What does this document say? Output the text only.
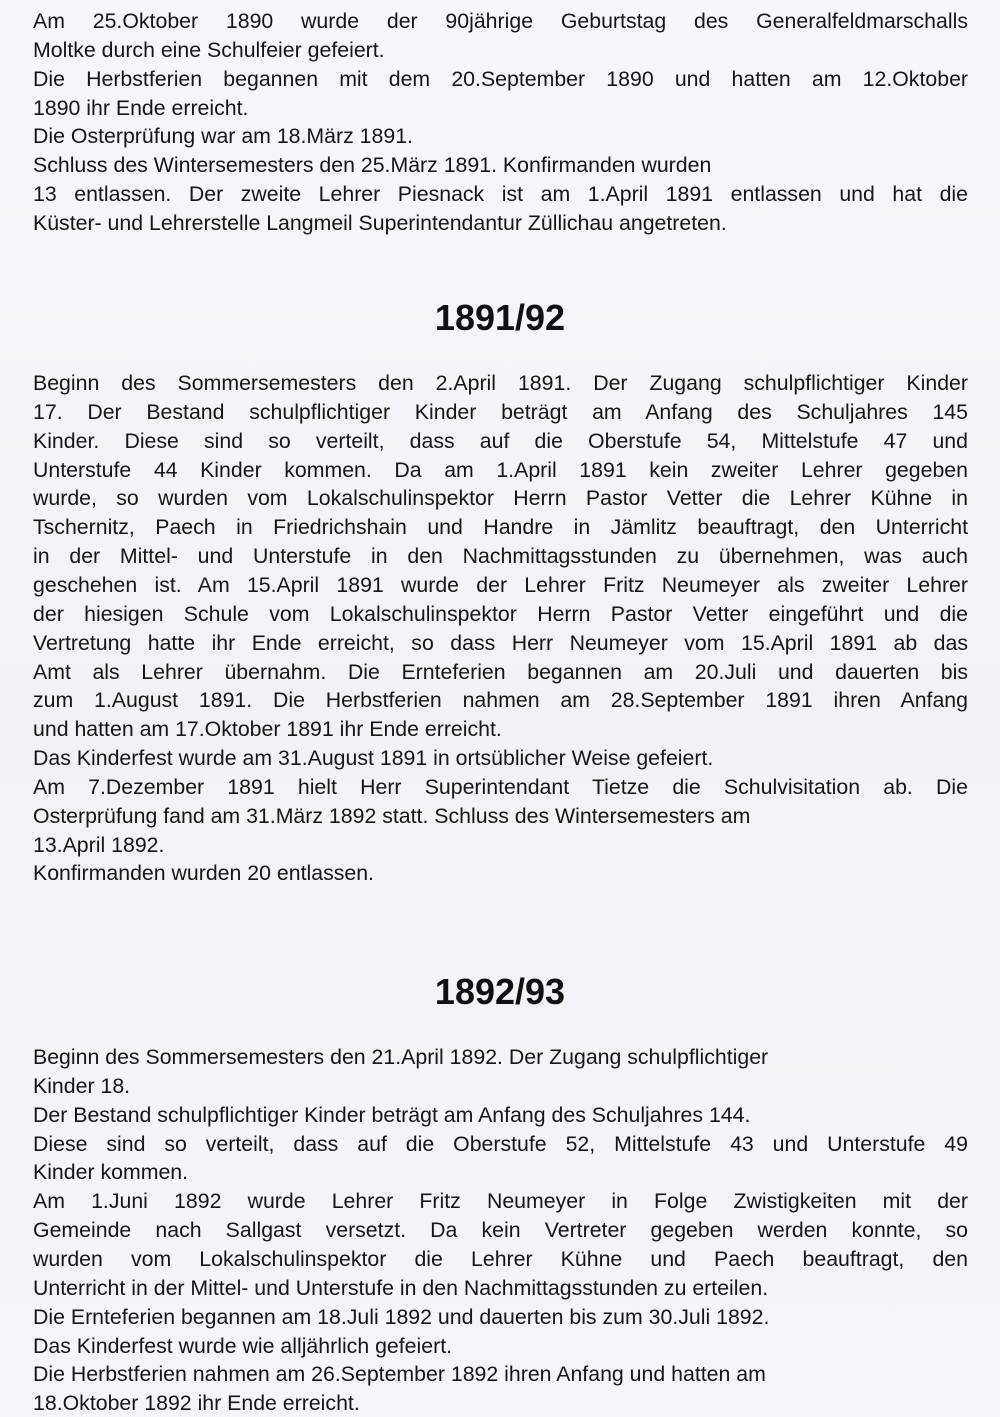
Am 25.Oktober 1890 wurde der 90jährige Geburtstag des Generalfeldmarschalls

Moltke durch eine Schulfeier gefeiert.

Die Herbstferien begannen mit dem 20.September 1890 und hatten am 12.Oktober

1890 ihr Ende erreicht.

Die Osterprüfung war am 18.März 1891.

Schluss des Wintersemesters den 25.März 1891. Konfirmanden wurden

13 entlassen. Der zweite Lehrer Piesnack ist am 1.April 1891 entlassen und hat die

Küster- und Lehrerstelle Langmeil Superintendantur Züllichau angetreten.

1891/92

Beginn des Sommersemesters den 2.April 1891. Der Zugang schulpflichtiger Kinder

17. Der Bestand schulpflichtiger Kinder beträgt am Anfang des Schuljahres 145

Kinder. Diese sind so verteilt, dass auf die Oberstufe 54, Mittelstufe 47 und

Unterstufe 44 Kinder kommen. Da am 1.April 1891 kein zweiter Lehrer gegeben

wurde, so wurden vom Lokalschulinspektor Herrn Pastor Vetter die Lehrer Kühne in

Tschernitz, Paech in Friedrichshain und Handre in Jämlitz beauftragt, den Unterricht

in der Mittel- und Unterstufe in den Nachmittagsstunden zu übernehmen, was auch

geschehen ist. Am 15.April 1891 wurde der Lehrer Fritz Neumeyer als zweiter Lehrer

der hiesigen Schule vom Lokalschulinspektor Herrn Pastor Vetter eingeführt und die

Vertretung hatte ihr Ende erreicht, so dass Herr Neumeyer vom 15.April 1891 ab das

Amt als Lehrer übernahm. Die Ernteferien begannen am 20.Juli und dauerten bis

zum 1.August 1891. Die Herbstferien nahmen am 28.September 1891 ihren Anfang

und hatten am 17.Oktober 1891 ihr Ende erreicht.

Das Kinderfest wurde am 31.August 1891 in ortsüblicher Weise gefeiert.

Am 7.Dezember 1891 hielt Herr Superintendant Tietze die Schulvisitation ab. Die

Osterprüfung fand am 31.März 1892 statt. Schluss des Wintersemesters am

13.April 1892.

Konfirmanden wurden 20 entlassen.

1892/93

Beginn des Sommersemesters den 21.April 1892. Der Zugang schulpflichtiger

Kinder 18.

Der Bestand schulpflichtiger Kinder beträgt am Anfang des Schuljahres 144.

Diese sind so verteilt, dass auf die Oberstufe 52, Mittelstufe 43 und Unterstufe 49

Kinder kommen.

Am 1.Juni 1892 wurde Lehrer Fritz Neumeyer in Folge Zwistigkeiten mit der

Gemeinde nach Sallgast versetzt. Da kein Vertreter gegeben werden konnte, so

wurden vom Lokalschulinspektor die Lehrer Kühne und Paech beauftragt, den

Unterricht in der Mittel- und Unterstufe in den Nachmittagsstunden zu erteilen.

Die Ernteferien begannen am 18.Juli 1892 und dauerten bis zum 30.Juli 1892.

Das Kinderfest wurde wie alljährlich gefeiert.

Die Herbstferien nahmen am 26.September 1892 ihren Anfang und hatten am

18.Oktober 1892 ihr Ende erreicht.
